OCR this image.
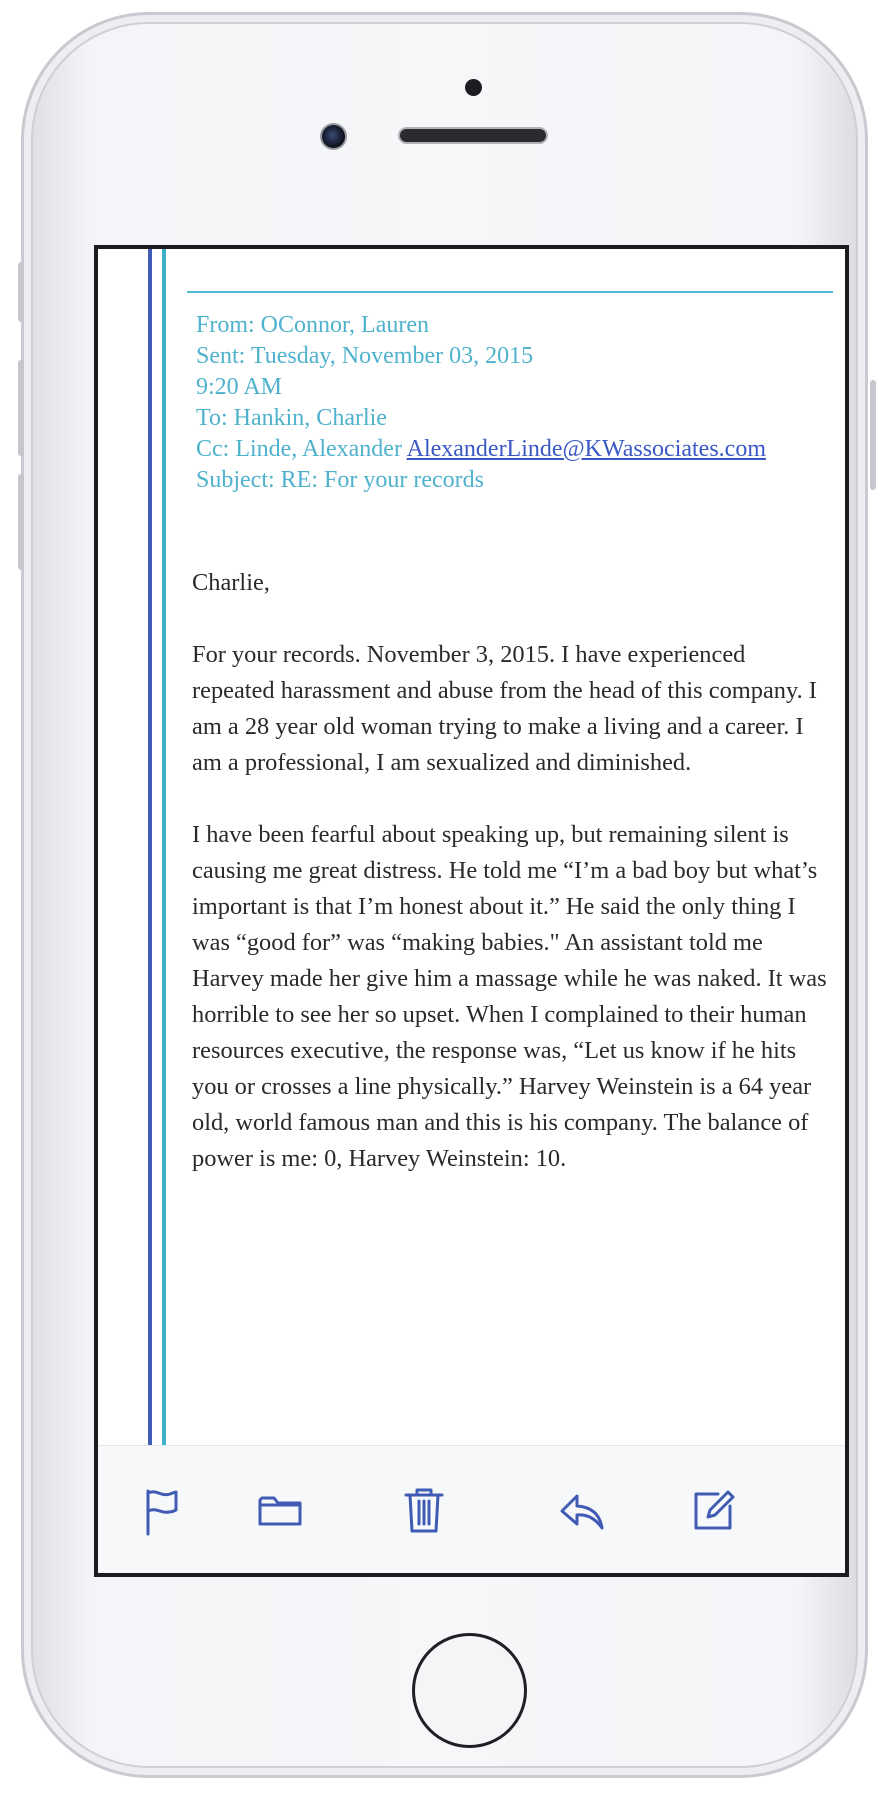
From: OConnor, Lauren
Sent: Tuesday, November 03, 2015
9:20 AM
To: Hankin, Charlie
Cc: Linde, Alexander AlexanderLinde@KWassociates.com
Subject: RE: For your records

Charlie,

For your records. November 3, 2015. I have experienced repeated harassment and abuse from the head of this company. I am a 28 year old woman trying to make a living and a career. I am a professional, I am sexualized and diminished.

I have been fearful about speaking up, but remaining silent is causing me great distress. He told me “I’m a bad boy but what’s important is that I’m honest about it.” He said the only thing I was “good for” was “making babies." An assistant told me Harvey made her give him a massage while he was naked. It was horrible to see her so upset. When I complained to their human resources executive, the response was, “Let us know if he hits you or crosses a line physically.” Harvey Weinstein is a 64 year old, world famous man and this is his company. The balance of power is me: 0, Harvey Weinstein: 10.
